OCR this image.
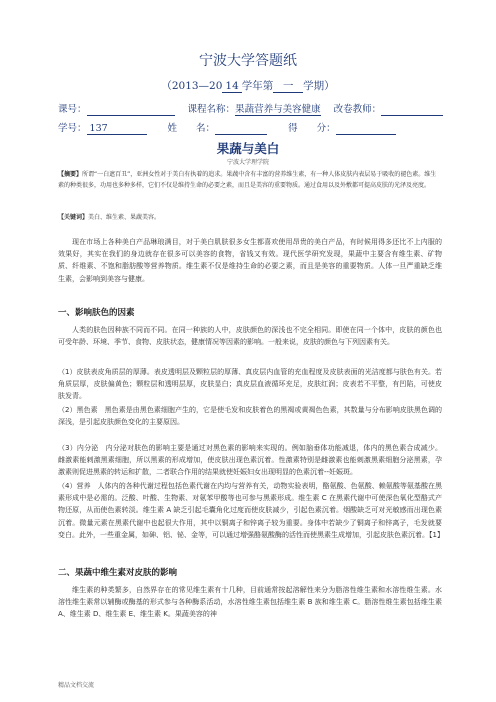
宁波大学答题纸
（2013—20 14 学年第 一 学期）
课号：	课程名称：果蔬营养与美容健康 改卷教师：
学号： 137	姓　　名：	得　　分：
果蔬与美白
宁波大学理学院
【摘要】所谓“一白遮百丑”，亚洲女性对于美白有执着的追求。果蔬中含有丰富的营养维生素，有一种人体皮肤内表层易于吸收的褪色素。维生素的种类很多，功用也多种多样，它们不仅是维持生命的必要之素，而且是美容的重要物质。通过食用以及外敷都可提高皮肤的光泽及亮度。
【关键词】美白、维生素、果蔬美容。
现在市场上各种美白产品琳琅满目，对于美白肌肤很多女生都喜欢使用昂贵的美白产品，有时候用得多还比不上内服的效果好，其实在我们的身边就存在很多可以美容的食物，省钱又有效。现代医学研究发现，果蔬中主要含有维生素、矿物质、纤维素、不饱和脂肪酸等营养物质。维生素不仅是维持生命的必要之素，而且是美容的重要物质。人体一旦严重缺乏维生素，会影响到美容与健康。
一、影响肤色的因素
人类的肤色因种族不同而不同。在同一种族的人中，皮肤颜色的深浅也不完全相同。即使在同一个体中，皮肤的颜色也可受年龄、环境、季节、食物、皮肤状态，健康情况等因素的影响。一般来说，皮肤的颜色与下列因素有关。
（1）皮肤表皮角质层的厚薄。表皮透明层及颗粒层的厚薄、真皮层内血管的充血程度及皮肤表面的光洁度都与肤色有关。若角质层厚，皮肤偏黄色；颗粒层和透明层厚，皮肤显白；真皮层血液循环充足，皮肤红润；皮表若不平整，有凹陷，可使皮肤发青。
（2）黑色素　黑色素是由黑色素细胞产生的，它是使毛发和皮肤着色的黑褐或黄褐色色素，其数量与分布影响皮肤黑色调的深浅，是引起皮肤颜色变化的主要原因。
（3）内分泌　内分泌对肤色的影响主要是通过对黑色素的影响来实现的。例如脑垂体功能减退，体内的黑色素合成减少。 雌激素能刺激黑素细胞，所以黑素的形成增加，使皮肤出现色素沉着。性激素特别是雌激素也能刺激黑素细胞分泌黑素，孕激素则促进黑素的转运和扩散，二者联合作用的结果就使妊娠妇女出现明显的色素沉着--妊娠斑。
（4）营养　人体内的各种代谢过程包括色素代谢在内均与营养有关，动物实验表明，酪氨酸、色氨酸、赖氨酸等氨基酸在黑素形成中是必需的。泛酸、叶酸、生物素、对氨苯甲酸等也可参与黑素形成。维生素 C 在黑素代谢中可使深色氧化型酪式产物还原，从而使色素转淡。维生素 A 缺乏引起毛囊角化过度而使皮肤减少，引起色素沉着。烟酸缺乏可对光敏感而出现色素沉着。微量元素在黑素代谢中也起很大作用，其中以铜离子和锌离子较为重要。身体中若缺少了铜离子和锌离子，毛发就要变白。此外，一些重金属，如砷、铝、铋、金等，可以通过增强酪氨酸酶的活性而使黑素生成增加，引起皮肤色素沉着。【1】
二、果蔬中维生素对皮肤的影响
维生素的种类繁多，自然界存在的常见维生素有十几种，目前通常按起溶解性来分为脂溶性维生素和水溶性维生素。水溶性维生素常以辅酶或酶基的形式参与各种酶系活动，水溶性维生素包括维生素 B 族和维生素 C。脂溶性维生素包括维生素 A、维生素 D、维生素 E、维生素 K。果蔬美容的神
精品文档交流
